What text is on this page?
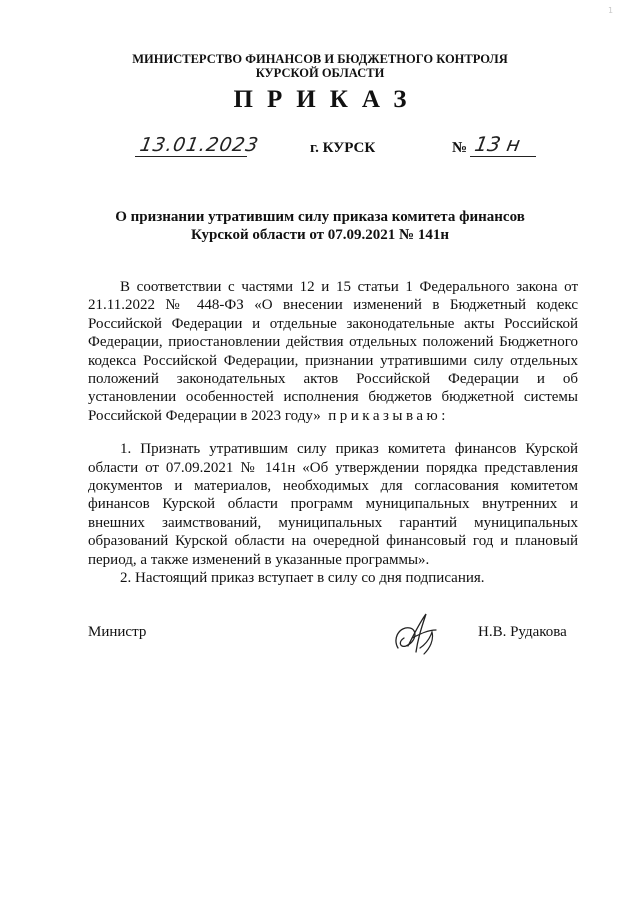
1
МИНИСТЕРСТВО ФИНАНСОВ И БЮДЖЕТНОГО КОНТРОЛЯ
КУРСКОЙ ОБЛАСТИ
ПРИКАЗ
13.01.2023	г. КУРСК	№ 13 н
О признании утратившим силу приказа комитета финансов
Курской области от 07.09.2021 № 141н

В соответствии с частями 12 и 15 статьи 1 Федерального закона от 21.11.2022 № 448-ФЗ «О внесении изменений в Бюджетный кодекс Российской Федерации и отдельные законодательные акты Российской Федерации, приостановлении действия отдельных положений Бюджетного кодекса Российской Федерации, признании утратившими силу отдельных положений законодательных актов Российской Федерации и об установлении особенностей исполнения бюджетов бюджетной системы Российской Федерации в 2023 году» приказываю:

1. Признать утратившим силу приказ комитета финансов Курской области от 07.09.2021 № 141н «Об утверждении порядка представления документов и материалов, необходимых для согласования комитетом финансов Курской области программ муниципальных внутренних и внешних заимствований, муниципальных гарантий муниципальных образований Курской области на очередной финансовый год и плановый период, а также изменений в указанные программы».

2. Настоящий приказ вступает в силу со дня подписания.

Министр	Н.В. Рудакова
